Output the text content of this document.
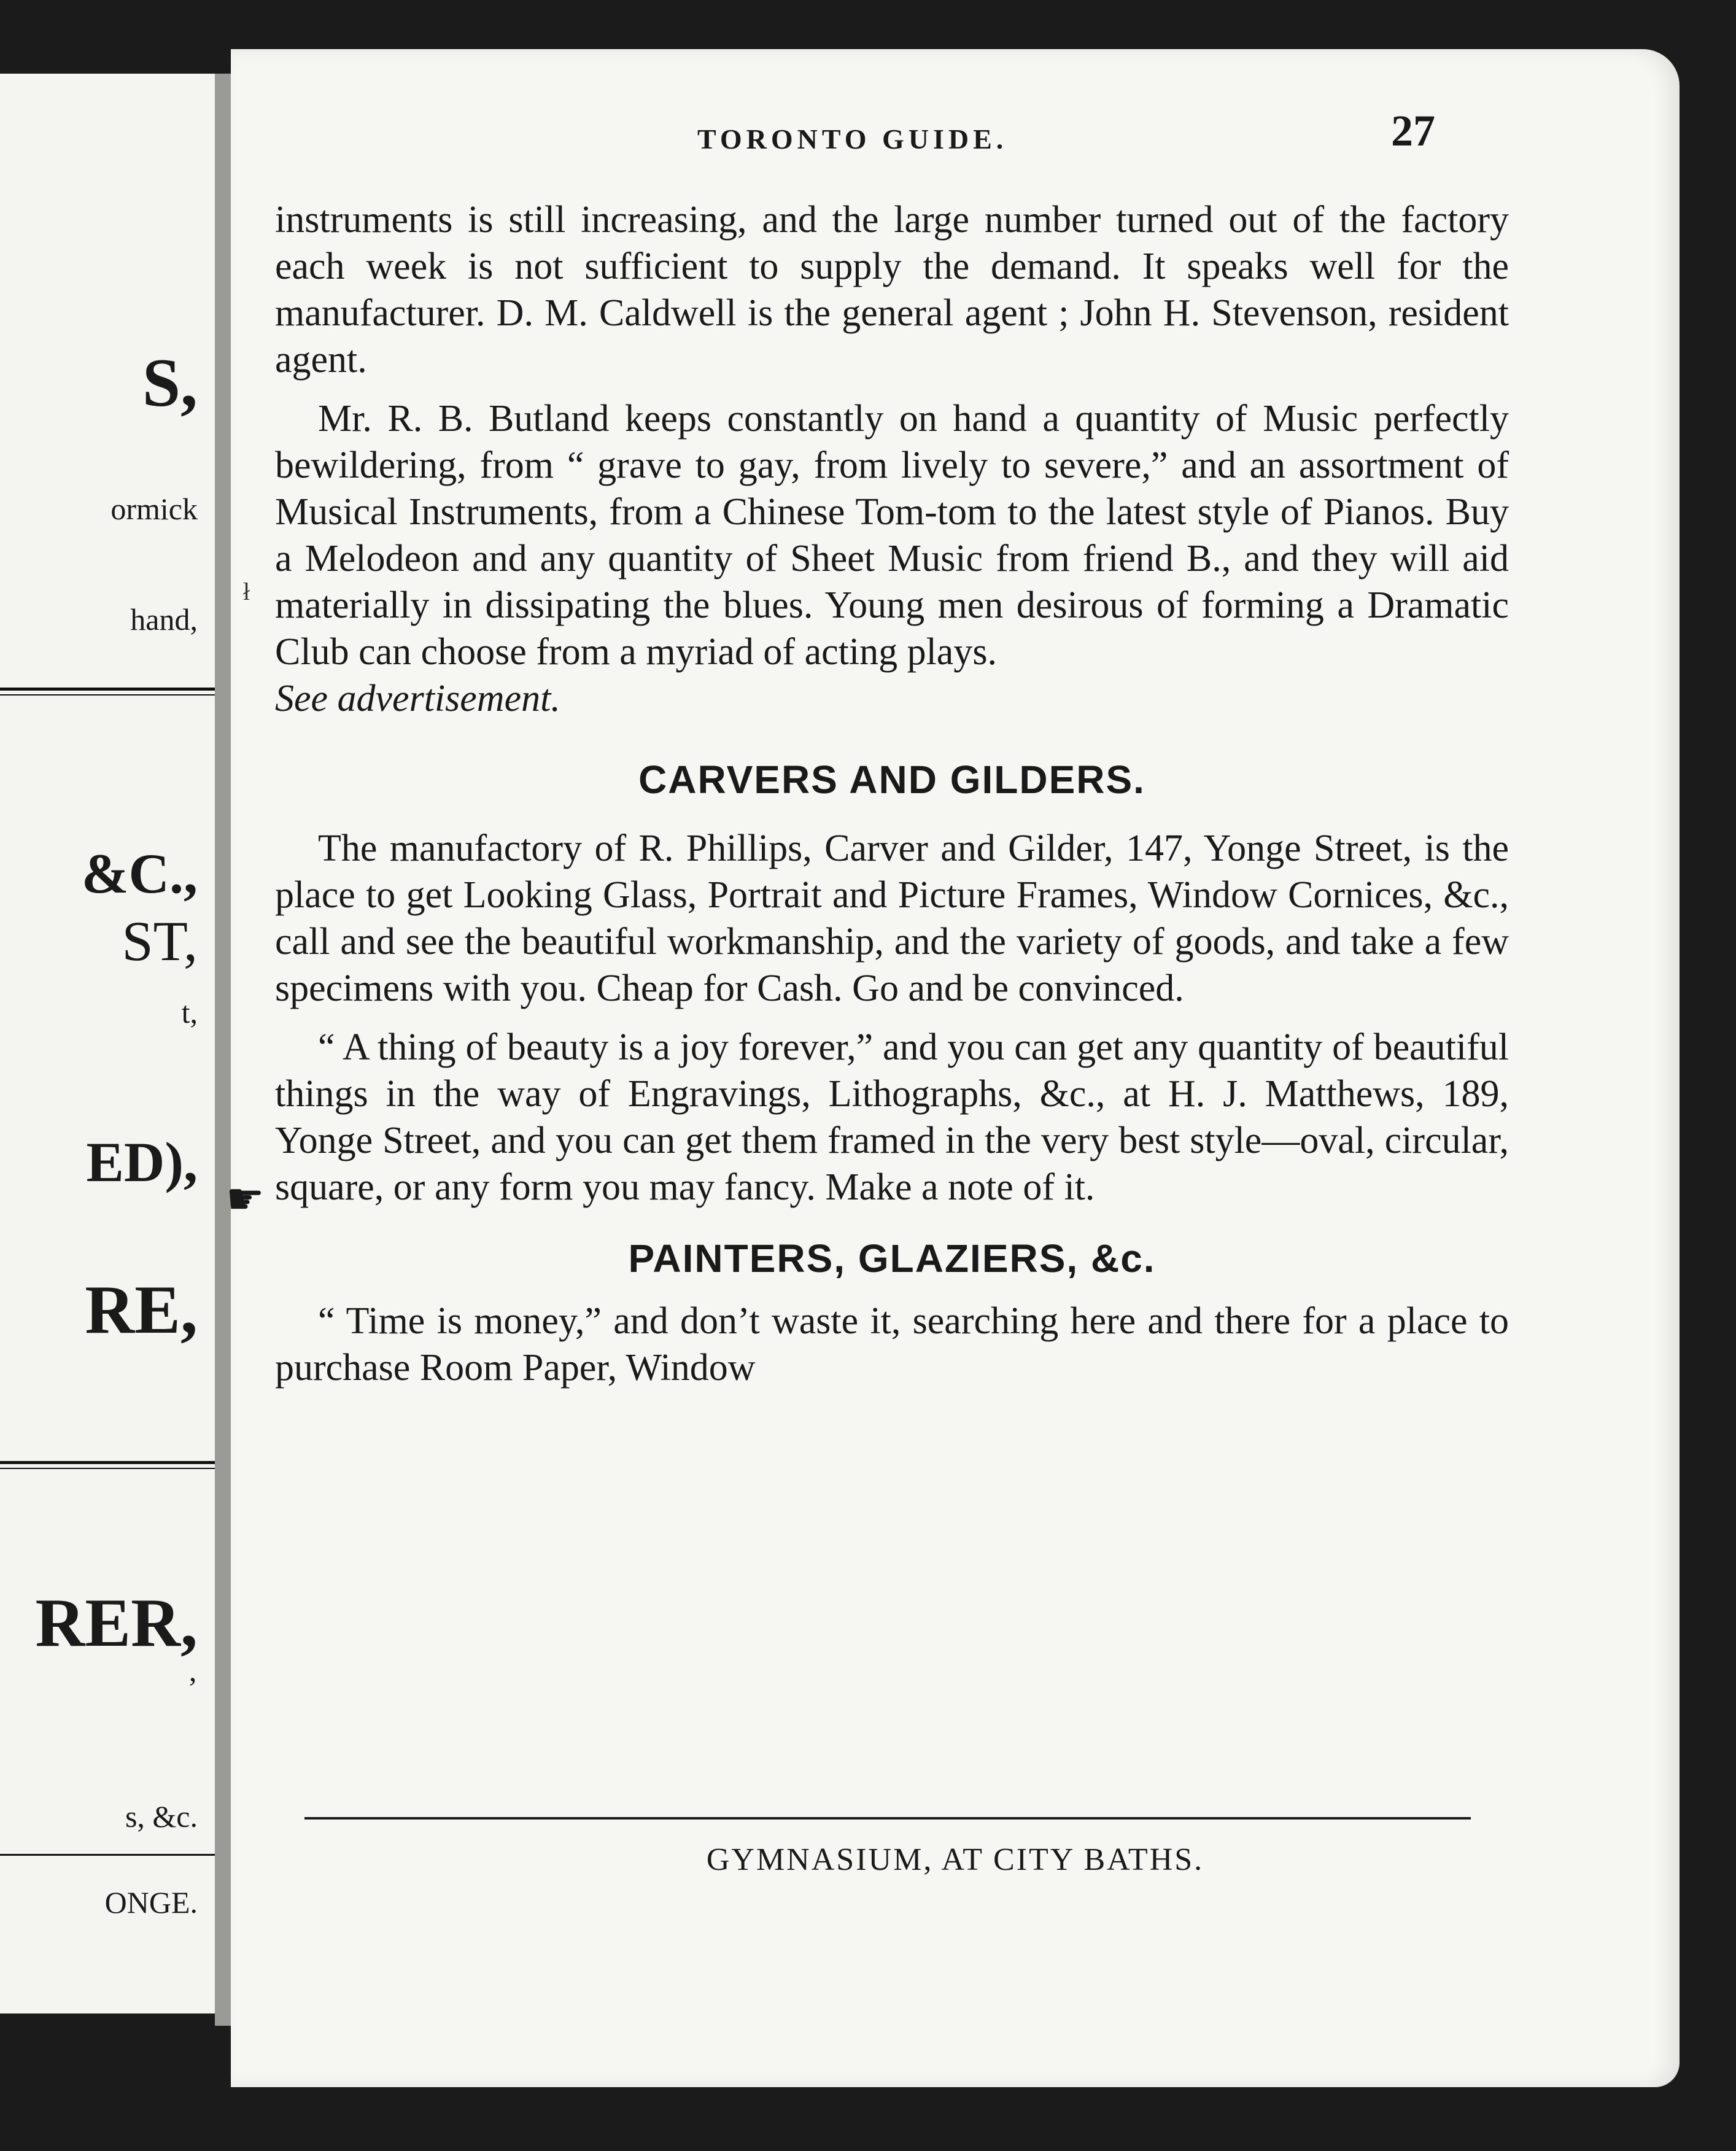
S,
ormick
hand,
&C.,
ST,
t,
ED),
RE,
RER,
’
s, &c.
ONGE.
TORONTO GUIDE.	27
☛
ł

instruments is still increasing, and the large number turned out of the factory each week is not sufficient to supply the demand. It speaks well for the manufacturer. D. M. Caldwell is the general agent ; John H. Stevenson, resident agent.

Mr. R. B. Butland keeps constantly on hand a quantity of Music perfectly bewildering, from “ grave to gay, from lively to severe,” and an assortment of Musical Instruments, from a Chinese Tom-tom to the latest style of Pianos. Buy a Melodeon and any quantity of Sheet Music from friend B., and they will aid materially in dissipating the blues. Young men desirous of forming a Dramatic Club can choose from a myriad of acting plays.
See advertisement.

CARVERS AND GILDERS.

The manufactory of R. Phillips, Carver and Gilder, 147, Yonge Street, is the place to get Looking Glass, Portrait and Picture Frames, Window Cornices, &c., call and see the beautiful workmanship, and the variety of goods, and take a few specimens with you. Cheap for Cash. Go and be convinced.

“ A thing of beauty is a joy forever,” and you can get any quantity of beautiful things in the way of Engravings, Lithographs, &c., at H. J. Matthews, 189, Yonge Street, and you can get them framed in the very best style—oval, circular, square, or any form you may fancy. Make a note of it.

PAINTERS, GLAZIERS, &c.

“ Time is money,” and don’t waste it, searching here and there for a place to purchase Room Paper, Window

GYMNASIUM, AT CITY BATHS.
